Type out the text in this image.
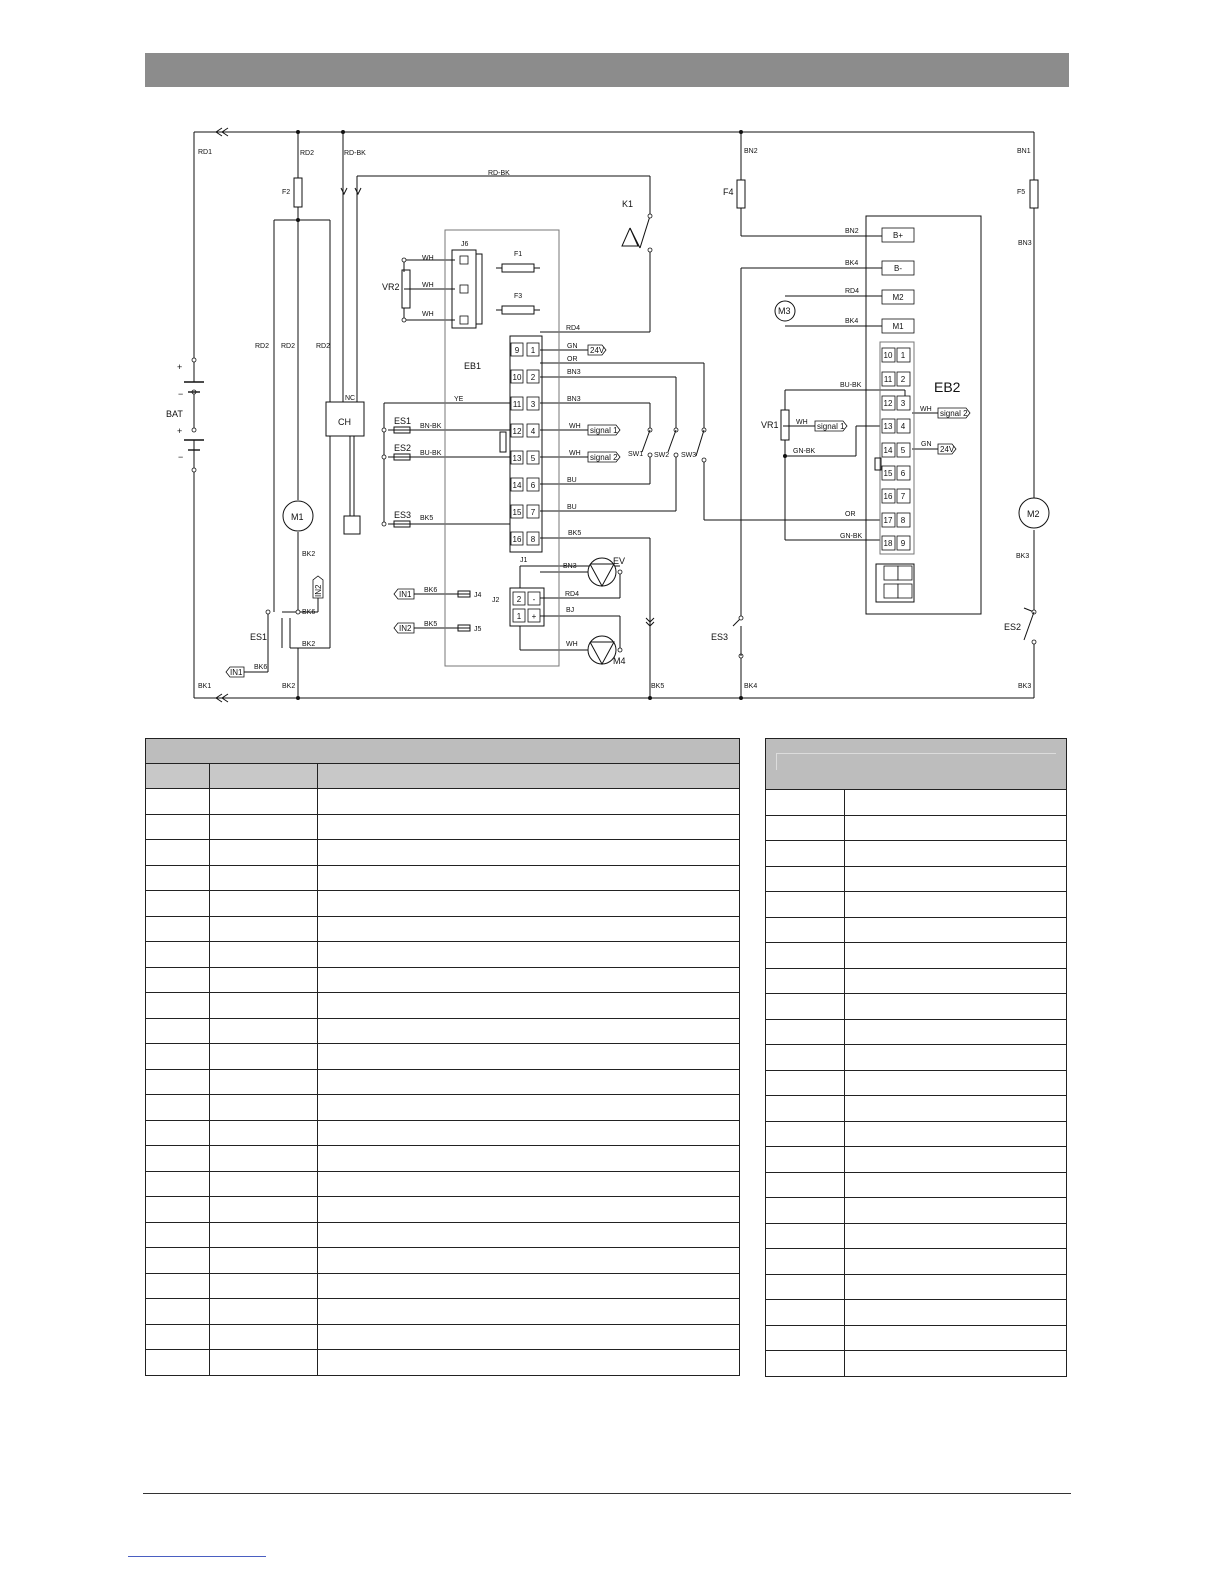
9 1
10 2
11 3
12 4
13 5
14 6
15 7
16 8
B+
B-
M2
M1
10 1
11 2
12 3
13 4
14 5
15 6
16 7
17 8
18 9
2 -
1 +
RD1	RD2	RD-BK
RD-BK
BN2	BN1
BN3
RD2 RD2	RD2
NC
WH
WH
WH
RD4
GN
OR
BN3
BN3
YE
BN-BK
BU-BK
BK5
WH
WH
BU
BU
BK5
BN3
RD4
BJ
WH
BK6
BK5
BK2
BK6
BK2
BK6
BK1	BK2	BK5	BK4	BK3
BK3
BN2
BK4
RD4
BK4
BU-BK
WH
GN
WH
GN-BK
OR
GN-BK
J6
J1
J4
J5
F2	F5
F1
F3
SW1 SW2 SW3
J2
K1
F4
VR2
VR1
CH
M1	M2
M3
M4
EV
EB1
BAT
+
−
+
−
ES1	ES3
ES2
ES1
ES2
ES3
24V
signal 1
signal 2
signal 1
signal 2
24V
IN1
IN2
IN1
IN2
EB2
